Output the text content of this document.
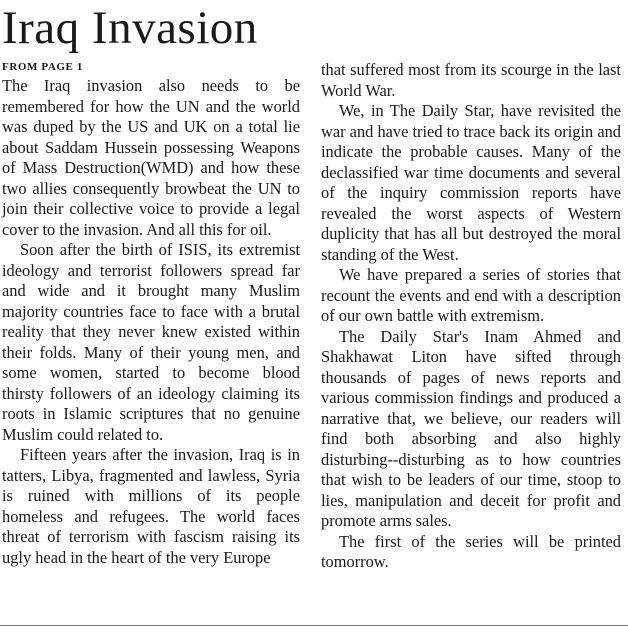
Iraq Invasion
FROM PAGE 1

The Iraq invasion also needs to be remembered for how the UN and the world was duped by the US and UK on a total lie about Saddam Hussein possessing Weapons of Mass Destruction(WMD) and how these two allies consequently browbeat the UN to join their collective voice to provide a legal cover to the invasion. And all this for oil.

Soon after the birth of ISIS, its extremist ideology and terrorist followers spread far and wide and it brought many Muslim majority countries face to face with a brutal reality that they never knew existed within their folds. Many of their young men, and some women, started to become blood thirsty followers of an ideology claiming its roots in Islamic scriptures that no genuine Muslim could related to.

Fifteen years after the invasion, Iraq is in tatters, Libya, fragmented and lawless, Syria is ruined with millions of its people homeless and refugees. The world faces threat of terrorism with fascism raising its ugly head in the heart of the very Europe

that suffered most from its scourge in the last World War.

We, in The Daily Star, have revisited the war and have tried to trace back its origin and indicate the probable causes. Many of the declassified war time documents and several of the inquiry commission reports have revealed the worst aspects of Western duplicity that has all but destroyed the moral standing of the West.

We have prepared a series of stories that recount the events and end with a description of our own battle with extremism.

The Daily Star's Inam Ahmed and Shakhawat Liton have sifted through thousands of pages of news reports and various commission findings and produced a narrative that, we believe, our readers will find both absorbing and also highly disturbing--disturbing as to how countries that wish to be leaders of our time, stoop to lies, manipulation and deceit for profit and promote arms sales.

The first of the series will be printed tomorrow.
